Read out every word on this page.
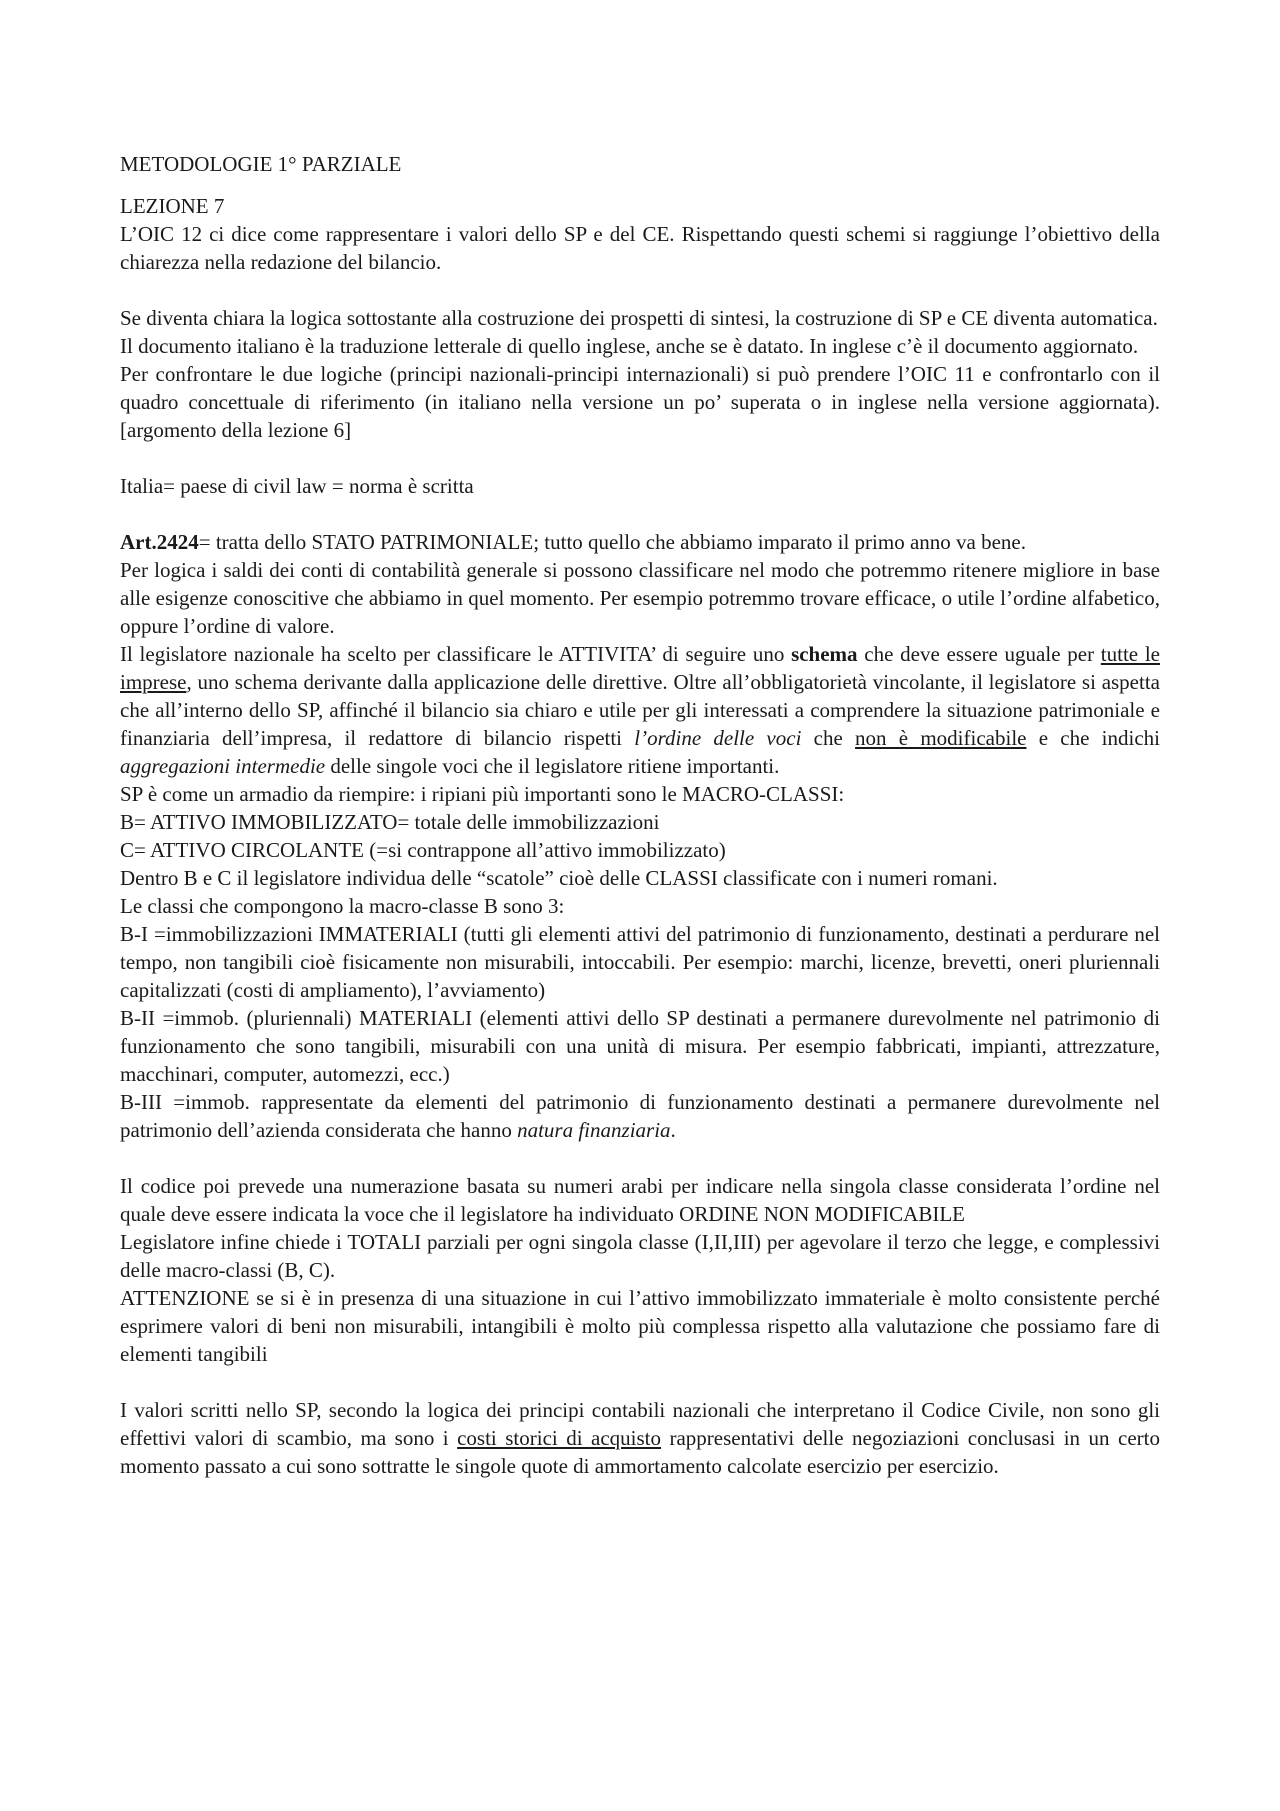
METODOLOGIE 1° PARZIALE

LEZIONE 7

L’OIC 12 ci dice come rappresentare i valori dello SP e del CE. Rispettando questi schemi si raggiunge l’obiettivo della chiarezza nella redazione del bilancio.

Se diventa chiara la logica sottostante alla costruzione dei prospetti di sintesi, la costruzione di SP e CE diventa automatica.

Il documento italiano è la traduzione letterale di quello inglese, anche se è datato. In inglese c’è il documento aggiornato.

Per confrontare le due logiche (principi nazionali-principi internazionali) si può prendere l’OIC 11 e confrontarlo con il quadro concettuale di riferimento (in italiano nella versione un po’ superata o in inglese nella versione aggiornata). [argomento della lezione 6]

Italia= paese di civil law = norma è scritta

Art.2424= tratta dello STATO PATRIMONIALE; tutto quello che abbiamo imparato il primo anno va bene.

Per logica i saldi dei conti di contabilità generale si possono classificare nel modo che potremmo ritenere migliore in base alle esigenze conoscitive che abbiamo in quel momento. Per esempio potremmo trovare efficace, o utile l’ordine alfabetico, oppure l’ordine di valore.

Il legislatore nazionale ha scelto per classificare le ATTIVITA’ di seguire uno schema che deve essere uguale per tutte le imprese, uno schema derivante dalla applicazione delle direttive. Oltre all’obbligatorietà vincolante, il legislatore si aspetta che all’interno dello SP, affinché il bilancio sia chiaro e utile per gli interessati a comprendere la situazione patrimoniale e finanziaria dell’impresa, il redattore di bilancio rispetti l’ordine delle voci che non è modificabile e che indichi aggregazioni intermedie delle singole voci che il legislatore ritiene importanti.

SP è come un armadio da riempire: i ripiani più importanti sono le MACRO-CLASSI:

B= ATTIVO IMMOBILIZZATO= totale delle immobilizzazioni

C= ATTIVO CIRCOLANTE (=si contrappone all’attivo immobilizzato)

Dentro B e C il legislatore individua delle “scatole” cioè delle CLASSI classificate con i numeri romani.

Le classi che compongono la macro-classe B sono 3:

B-I =immobilizzazioni IMMATERIALI (tutti gli elementi attivi del patrimonio di funzionamento, destinati a perdurare nel tempo, non tangibili cioè fisicamente non misurabili, intoccabili. Per esempio: marchi, licenze, brevetti, oneri pluriennali capitalizzati (costi di ampliamento), l’avviamento)

B-II =immob. (pluriennali) MATERIALI (elementi attivi dello SP destinati a permanere durevolmente nel patrimonio di funzionamento che sono tangibili, misurabili con una unità di misura. Per esempio fabbricati, impianti, attrezzature, macchinari, computer, automezzi, ecc.)

B-III =immob. rappresentate da elementi del patrimonio di funzionamento destinati a permanere durevolmente nel patrimonio dell’azienda considerata che hanno natura finanziaria.

Il codice poi prevede una numerazione basata su numeri arabi per indicare nella singola classe considerata l’ordine nel quale deve essere indicata la voce che il legislatore ha individuato ORDINE NON MODIFICABILE

Legislatore infine chiede i TOTALI parziali per ogni singola classe (I,II,III) per agevolare il terzo che legge, e complessivi delle macro-classi (B, C).

ATTENZIONE se si è in presenza di una situazione in cui l’attivo immobilizzato immateriale è molto consistente perché esprimere valori di beni non misurabili, intangibili è molto più complessa rispetto alla valutazione che possiamo fare di elementi tangibili

I valori scritti nello SP, secondo la logica dei principi contabili nazionali che interpretano il Codice Civile, non sono gli effettivi valori di scambio, ma sono i costi storici di acquisto rappresentativi delle negoziazioni conclusasi in un certo momento passato a cui sono sottratte le singole quote di ammortamento calcolate esercizio per esercizio.
